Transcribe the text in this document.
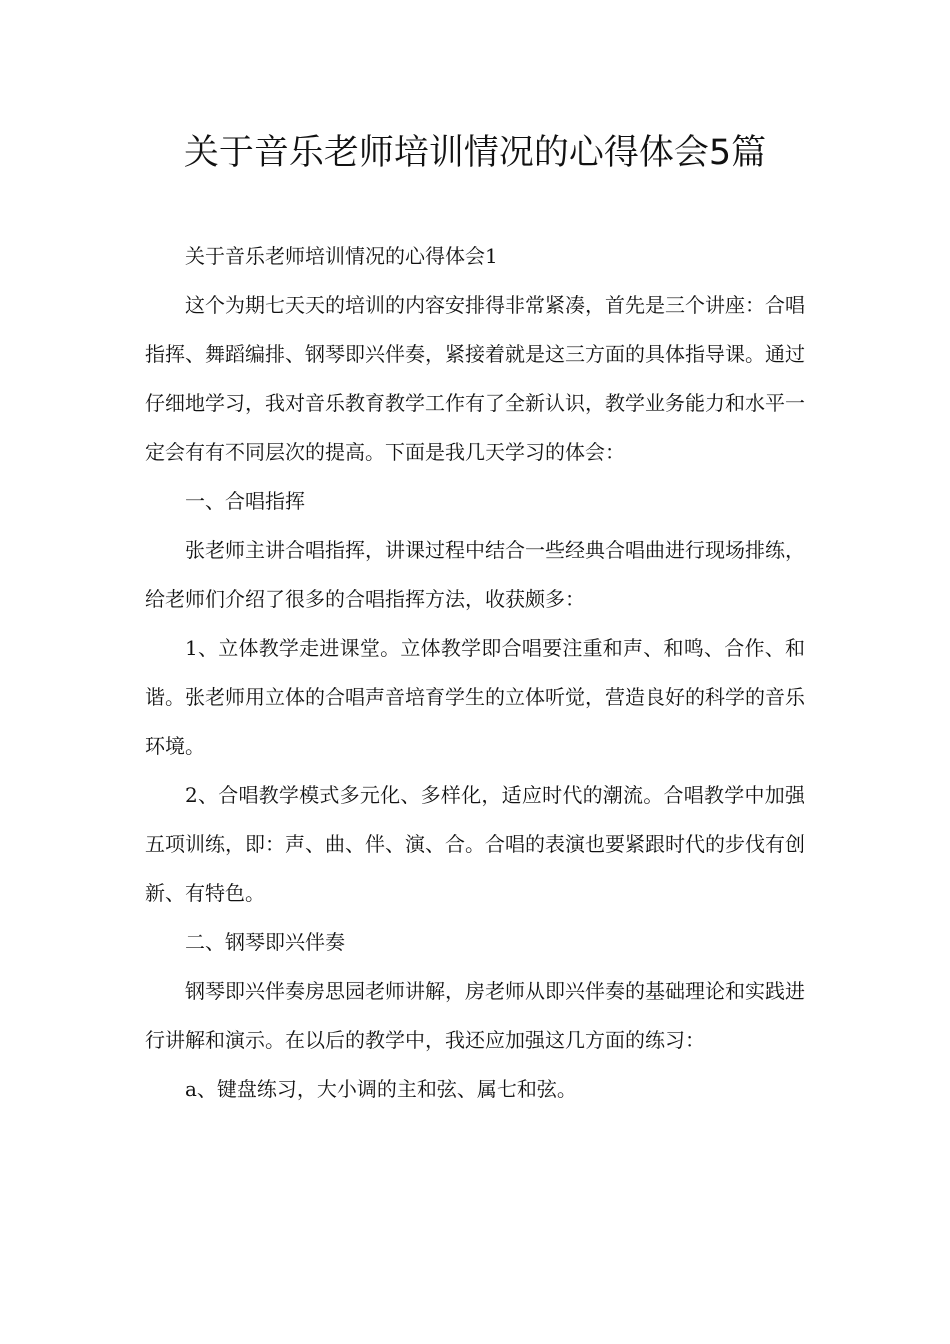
关于音乐老师培训情况的心得体会5篇

关于音乐老师培训情况的心得体会1

这个为期七天天的培训的内容安排得非常紧凑，首先是三个讲座：合唱指挥、舞蹈编排、钢琴即兴伴奏，紧接着就是这三方面的具体指导课。通过仔细地学习，我对音乐教育教学工作有了全新认识，教学业务能力和水平一定会有有不同层次的提高。下面是我几天学习的体会：

一、合唱指挥

张老师主讲合唱指挥，讲课过程中结合一些经典合唱曲进行现场排练，给老师们介绍了很多的合唱指挥方法，收获颇多：

1、立体教学走进课堂。立体教学即合唱要注重和声、和鸣、合作、和谐。张老师用立体的合唱声音培育学生的立体听觉，营造良好的科学的音乐环境。

2、合唱教学模式多元化、多样化，适应时代的潮流。合唱教学中加强五项训练，即：声、曲、伴、演、合。合唱的表演也要紧跟时代的步伐有创新、有特色。

二、钢琴即兴伴奏

钢琴即兴伴奏房思园老师讲解，房老师从即兴伴奏的基础理论和实践进行讲解和演示。在以后的教学中，我还应加强这几方面的练习：

a、键盘练习，大小调的主和弦、属七和弦。
